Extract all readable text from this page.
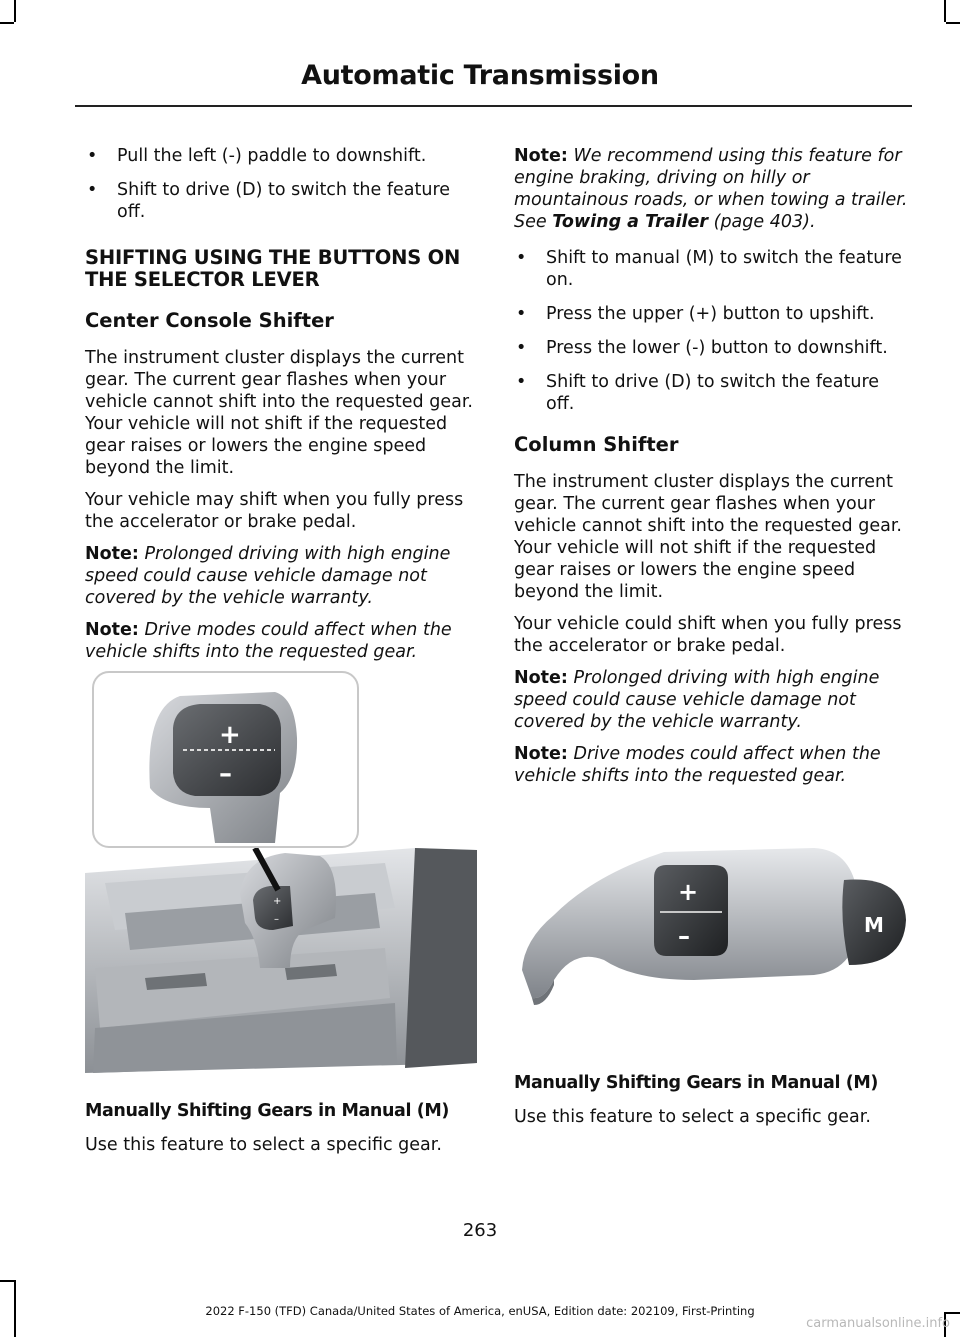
Automatic Transmission
• Pull the left (-) paddle to downshift.
• Shift to drive (D) to switch the feature off.
SHIFTING USING THE BUTTONS ON THE SELECTOR LEVER
Center Console Shifter

The instrument cluster displays the current gear. The current gear flashes when your vehicle cannot shift into the requested gear. Your vehicle will not shift if the requested gear raises or lowers the engine speed beyond the limit.

Your vehicle may shift when you fully press the accelerator or brake pedal.

Note: Prolonged driving with high engine speed could cause vehicle damage not covered by the vehicle warranty.

Note: Drive modes could affect when the vehicle shifts into the requested gear.

+
–
+
–
Manually Shifting Gears in Manual (M)

Use this feature to select a specific gear.

Note: We recommend using this feature for engine braking, driving on hilly or mountainous roads, or when towing a trailer. See Towing a Trailer (page 403).

• Shift to manual (M) to switch the feature on.
• Press the upper (+) button to upshift.
• Press the lower (-) button to downshift.
• Shift to drive (D) to switch the feature off.
Column Shifter

The instrument cluster displays the current gear. The current gear flashes when your vehicle cannot shift into the requested gear. Your vehicle will not shift if the requested gear raises or lowers the engine speed beyond the limit.

Your vehicle could shift when you fully press the accelerator or brake pedal.

Note: Prolonged driving with high engine speed could cause vehicle damage not covered by the vehicle warranty.

Note: Drive modes could affect when the vehicle shifts into the requested gear.

+
–	M
Manually Shifting Gears in Manual (M)

Use this feature to select a specific gear.

263

2022 F-150 (TFD) Canada/United States of America, enUSA, Edition date: 202109, First-Printing

carmanualsonline.info
